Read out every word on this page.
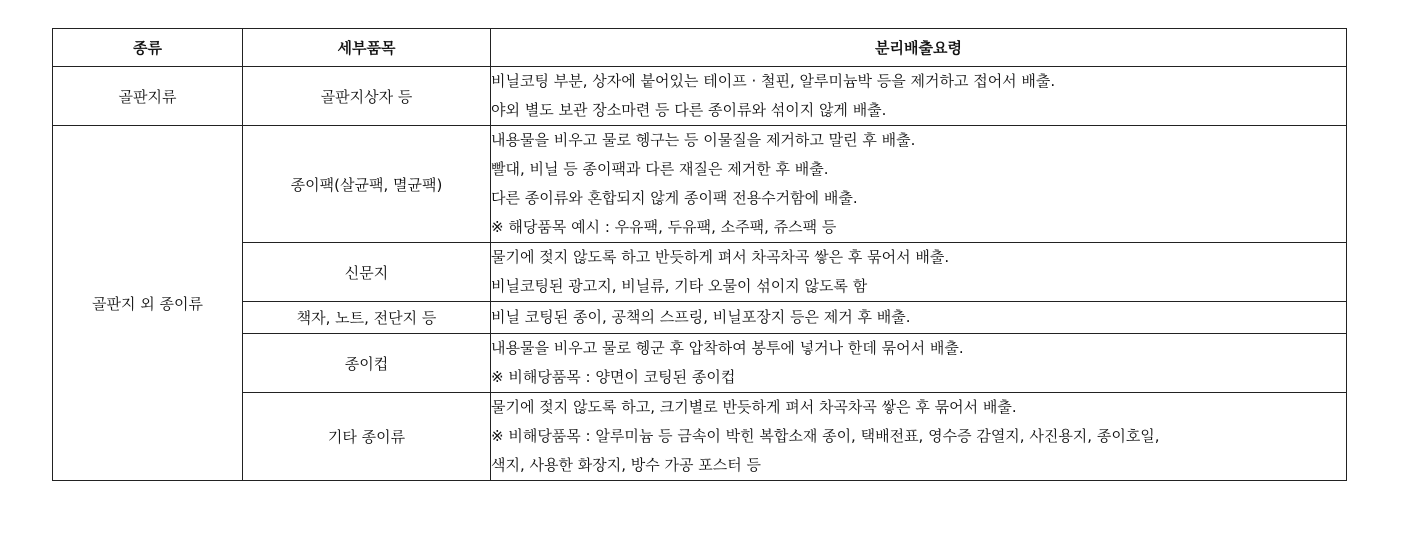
종류	세부품목	분리배출요령
골판지류	골판지상자 등	비닐코팅 부분, 상자에 붙어있는 테이프 · 철핀, 알루미늄박 등을 제거하고 접어서 배출.
야외 별도 보관 장소마련 등 다른 종이류와 섞이지 않게 배출.

골판지 외 종이류	종이팩(살균팩, 멸균팩)	내용물을 비우고 물로 헹구는 등 이물질을 제거하고 말린 후 배출.
빨대, 비닐 등 종이팩과 다른 재질은 제거한 후 배출.
다른 종이류와 혼합되지 않게 종이팩 전용수거함에 배출.
※ 해당품목 예시 : 우유팩, 두유팩, 소주팩, 쥬스팩 등

	신문지	물기에 젖지 않도록 하고 반듯하게 펴서 차곡차곡 쌓은 후 묶어서 배출.
비닐코팅된 광고지, 비닐류, 기타 오물이 섞이지 않도록 함

	책자, 노트, 전단지 등	비닐 코팅된 종이, 공책의 스프링, 비닐포장지 등은 제거 후 배출.

	종이컵	내용물을 비우고 물로 헹군 후 압착하여 봉투에 넣거나 한데 묶어서 배출.
※ 비해당품목 : 양면이 코팅된 종이컵

	기타 종이류	물기에 젖지 않도록 하고, 크기별로 반듯하게 펴서 차곡차곡 쌓은 후 묶어서 배출.
※ 비해당품목 : 알루미늄 등 금속이 박힌 복합소재 종이, 택배전표, 영수증 감열지, 사진용지, 종이호일,
색지, 사용한 화장지, 방수 가공 포스터 등
